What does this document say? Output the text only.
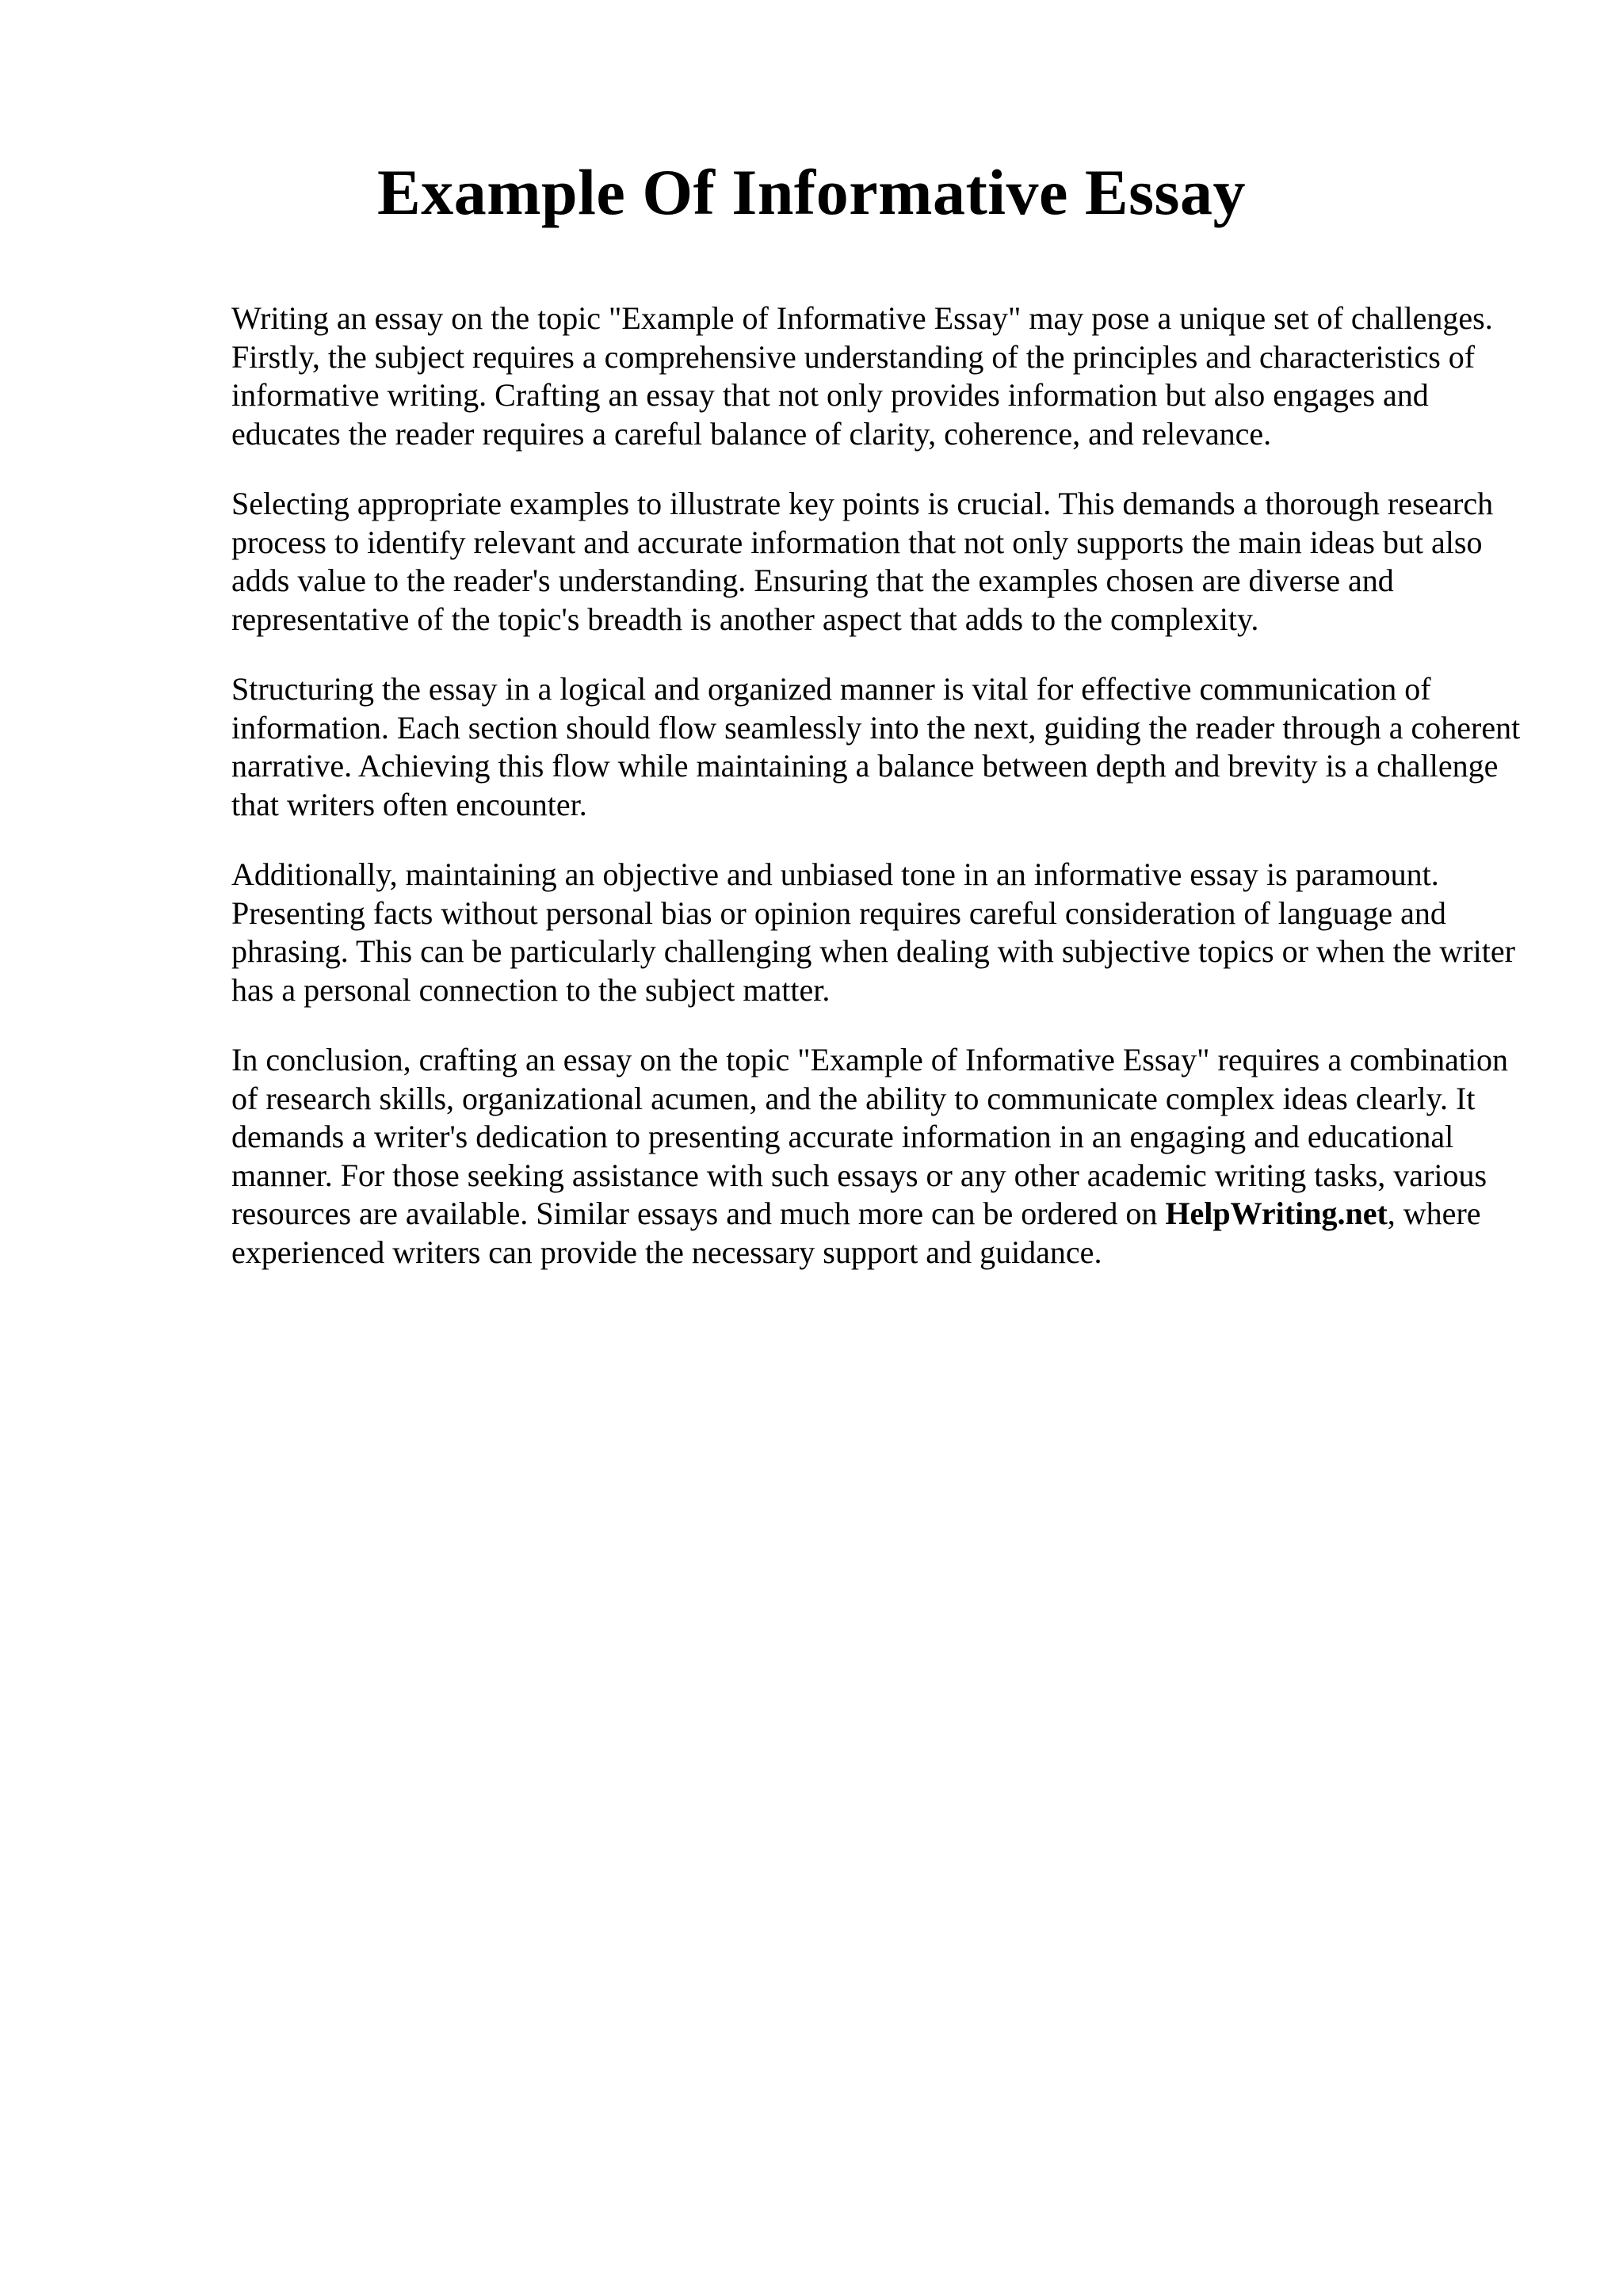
Example Of Informative Essay

Writing an essay on the topic "Example of Informative Essay" may pose a unique set of challenges. Firstly, the subject requires a comprehensive understanding of the principles and characteristics of informative writing. Crafting an essay that not only provides information but also engages and educates the reader requires a careful balance of clarity, coherence, and relevance.

Selecting appropriate examples to illustrate key points is crucial. This demands a thorough research process to identify relevant and accurate information that not only supports the main ideas but also adds value to the reader's understanding. Ensuring that the examples chosen are diverse and representative of the topic's breadth is another aspect that adds to the complexity.

Structuring the essay in a logical and organized manner is vital for effective communication of information. Each section should flow seamlessly into the next, guiding the reader through a coherent narrative. Achieving this flow while maintaining a balance between depth and brevity is a challenge that writers often encounter.

Additionally, maintaining an objective and unbiased tone in an informative essay is paramount. Presenting facts without personal bias or opinion requires careful consideration of language and phrasing. This can be particularly challenging when dealing with subjective topics or when the writer has a personal connection to the subject matter.

In conclusion, crafting an essay on the topic "Example of Informative Essay" requires a combination of research skills, organizational acumen, and the ability to communicate complex ideas clearly. It demands a writer's dedication to presenting accurate information in an engaging and educational manner. For those seeking assistance with such essays or any other academic writing tasks, various resources are available. Similar essays and much more can be ordered on HelpWriting.net, where experienced writers can provide the necessary support and guidance.
